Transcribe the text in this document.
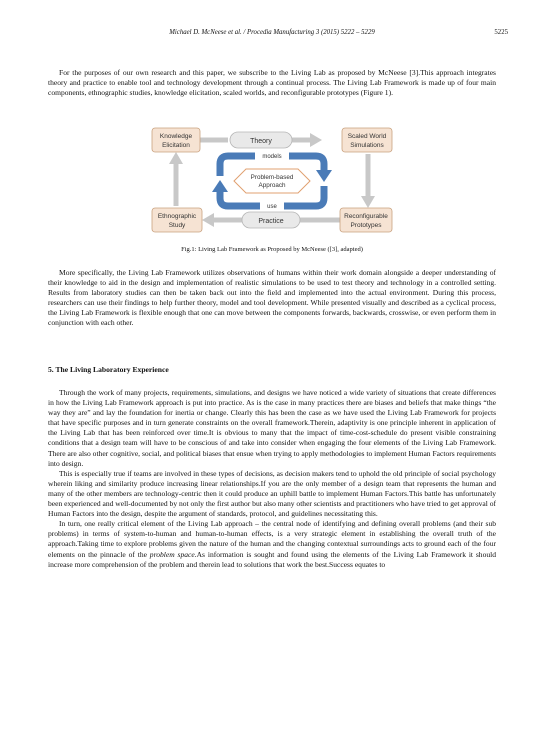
Michael D. McNeese et al. / Procedia Manufacturing 3 (2015) 5222 – 5229	5225

For the purposes of our own research and this paper, we subscribe to the Living Lab as proposed by McNeese [3].This approach integrates theory and practice to enable tool and technology development through a continual process. The Living Lab Framework is made up of four main components, ethnographic studies, knowledge elicitation, scaled worlds, and reconfigurable prototypes (Figure 1).

Problem-based
Approach
models
use
Theory
Practice
Knowledge
Elicitation
Scaled World
Simulations
Ethnographic
Study
Reconfigurable
Prototypes
Fig.1: Living Lab Framework as Proposed by McNeese ([3], adapted)

More specifically, the Living Lab Framework utilizes observations of humans within their work domain alongside a deeper understanding of their knowledge to aid in the design and implementation of realistic simulations to be used to test theory and technology in a controlled setting. Results from laboratory studies can then be taken back out into the field and implemented into the actual environment. During this process, researchers can use their findings to help further theory, model and tool development. While presented visually and described as a cyclical process, the Living Lab Framework is flexible enough that one can move between the components forwards, backwards, crosswise, or even perform them in conjunction with each other.

5. The Living Laboratory Experience

Through the work of many projects, requirements, simulations, and designs we have noticed a wide variety of situations that create differences in how the Living Lab Framework approach is put into practice. As is the case in many practices there are biases and beliefs that make things “the way they are” and lay the foundation for inertia or change. Clearly this has been the case as we have used the Living Lab Framework for projects that have specific purposes and in turn generate constraints on the overall framework.Therein, adaptivity is one principle inherent in application of the Living Lab that has been reinforced over time.It is obvious to many that the impact of time-cost-schedule do present visible constraining conditions that a design team will have to be conscious of and take into consider when engaging the four elements of the Living Lab Framework. There are also other cognitive, social, and political biases that ensue when trying to apply methodologies to implement Human Factors requirements into design.

This is especially true if teams are involved in these types of decisions, as decision makers tend to uphold the old principle of social psychology wherein liking and similarity produce increasing linear relationships.If you are the only member of a design team that represents the human and many of the other members are technology-centric then it could produce an uphill battle to implement Human Factors.This battle has unfortunately been experienced and well-documented by not only the first author but also many other scientists and practitioners who have tried to get approval of Human Factors into the design, despite the argument of standards, protocol, and guidelines necessitating this.

In turn, one really critical element of the Living Lab approach – the central node of identifying and defining overall problems (and their sub problems) in terms of system-to-human and human-to-human effects, is a very strategic element in establishing the overall truth of the approach.Taking time to explore problems given the nature of the human and the changing contextual surroundings acts to ground each of the four elements on the pinnacle of the problem space.As information is sought and found using the elements of the Living Lab Framework it should increase more comprehension of the problem and therein lead to solutions that work the best.Success equates to
